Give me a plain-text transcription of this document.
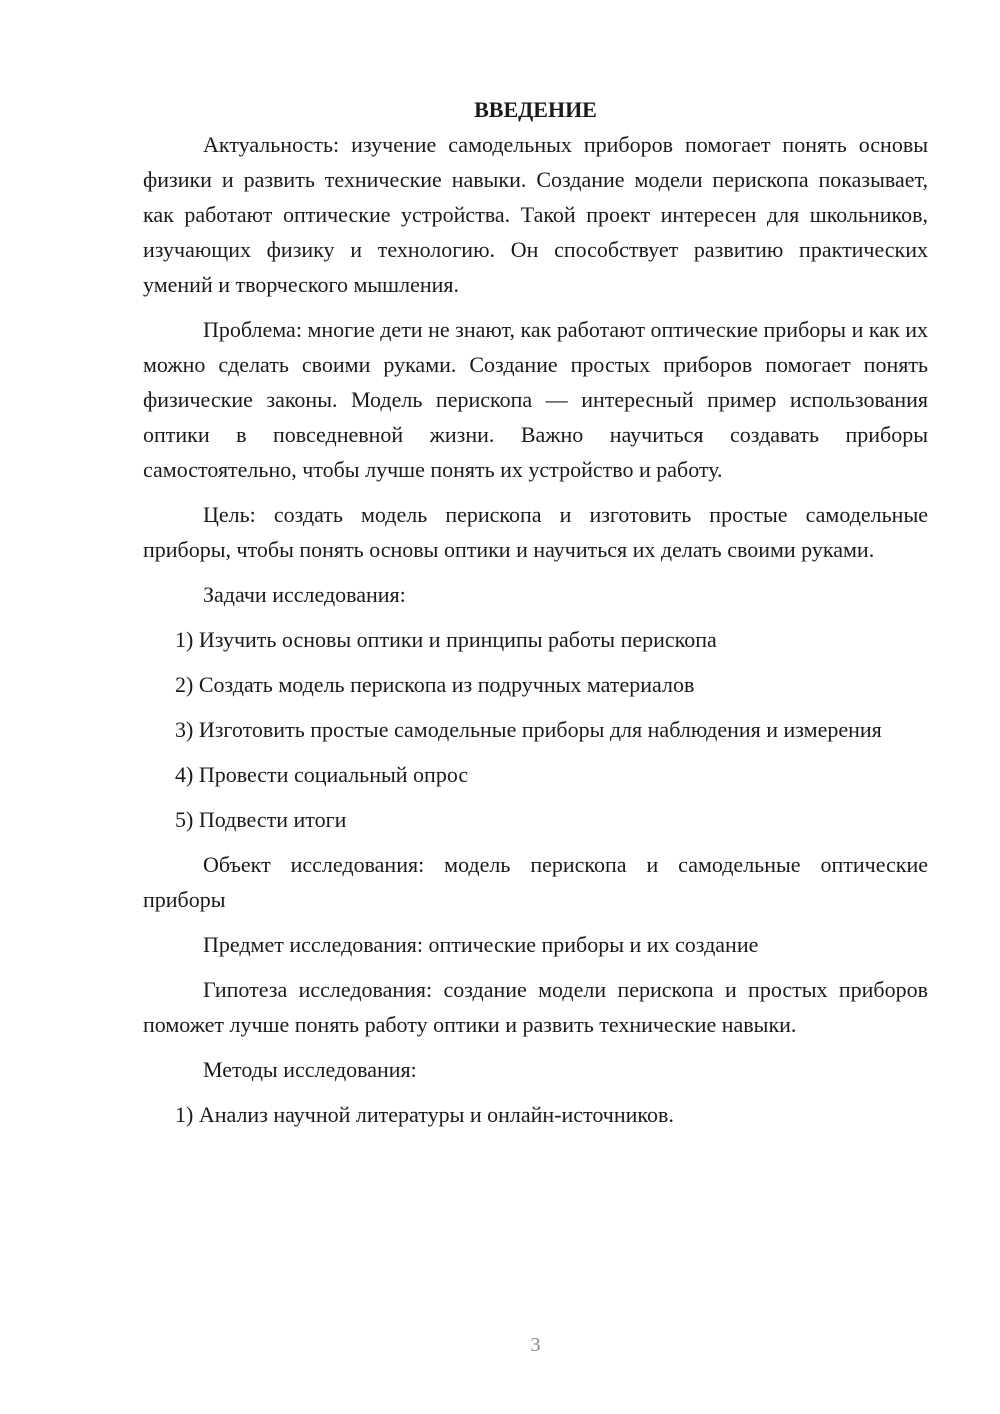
ВВЕДЕНИЕ

Актуальность: изучение самодельных приборов помогает понять основы физики и развить технические навыки. Создание модели перископа показывает, как работают оптические устройства. Такой проект интересен для школьников, изучающих физику и технологию. Он способствует развитию практических умений и творческого мышления.

Проблема: многие дети не знают, как работают оптические приборы и как их можно сделать своими руками. Создание простых приборов помогает понять физические законы. Модель перископа — интересный пример использования оптики в повседневной жизни. Важно научиться создавать приборы самостоятельно, чтобы лучше понять их устройство и работу.

Цель: создать модель перископа и изготовить простые самодельные приборы, чтобы понять основы оптики и научиться их делать своими руками.

Задачи исследования:

1) Изучить основы оптики и принципы работы перископа

2) Создать модель перископа из подручных материалов

3) Изготовить простые самодельные приборы для наблюдения и измерения

4) Провести социальный опрос

5) Подвести итоги

Объект исследования: модель перископа и самодельные оптические приборы

Предмет исследования: оптические приборы и их создание

Гипотеза исследования: создание модели перископа и простых приборов поможет лучше понять работу оптики и развить технические навыки.

Методы исследования:

1) Анализ научной литературы и онлайн-источников.

3
